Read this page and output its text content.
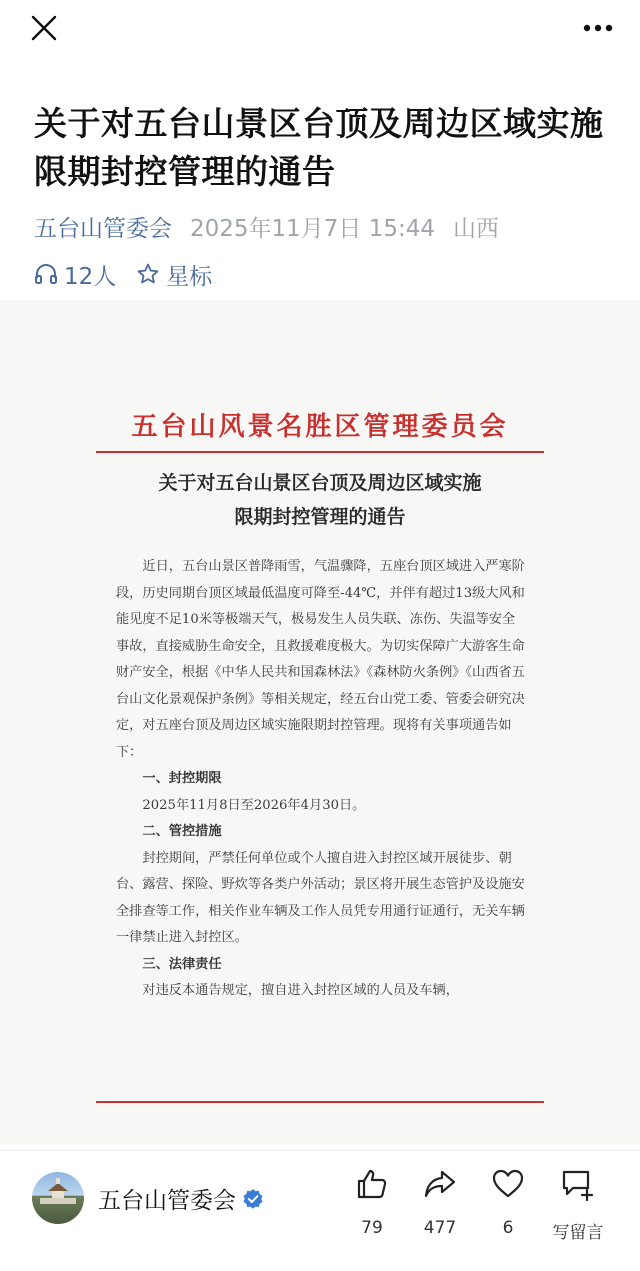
关于对五台山景区台顶及周边区域实施限期封控管理的通告
五台山管委会 2025年11月7日 15:44 山西
12人 星标
五台山风景名胜区管理委员会
关于对五台山景区台顶及周边区域实施
限期封控管理的通告

近日，五台山景区普降雨雪，气温骤降，五座台顶区域进入严寒阶段，历史同期台顶区域最低温度可降至-44℃，并伴有超过13级大风和能见度不足10米等极端天气，极易发生人员失联、冻伤、失温等安全事故，直接威胁生命安全，且救援难度极大。为切实保障广大游客生命财产安全，根据《中华人民共和国森林法》《森林防火条例》《山西省五台山文化景观保护条例》等相关规定，经五台山党工委、管委会研究决定，对五座台顶及周边区域实施限期封控管理。现将有关事项通告如下：

一、封控期限

2025年11月8日至2026年4月30日。

二、管控措施

封控期间，严禁任何单位或个人擅自进入封控区域开展徒步、朝台、露营、探险、野炊等各类户外活动；景区将开展生态管护及设施安全排查等工作，相关作业车辆及工作人员凭专用通行证通行，无关车辆一律禁止进入封控区。

三、法律责任

对违反本通告规定，擅自进入封控区域的人员及车辆，

五台山管委会
79	477	6	写留言
